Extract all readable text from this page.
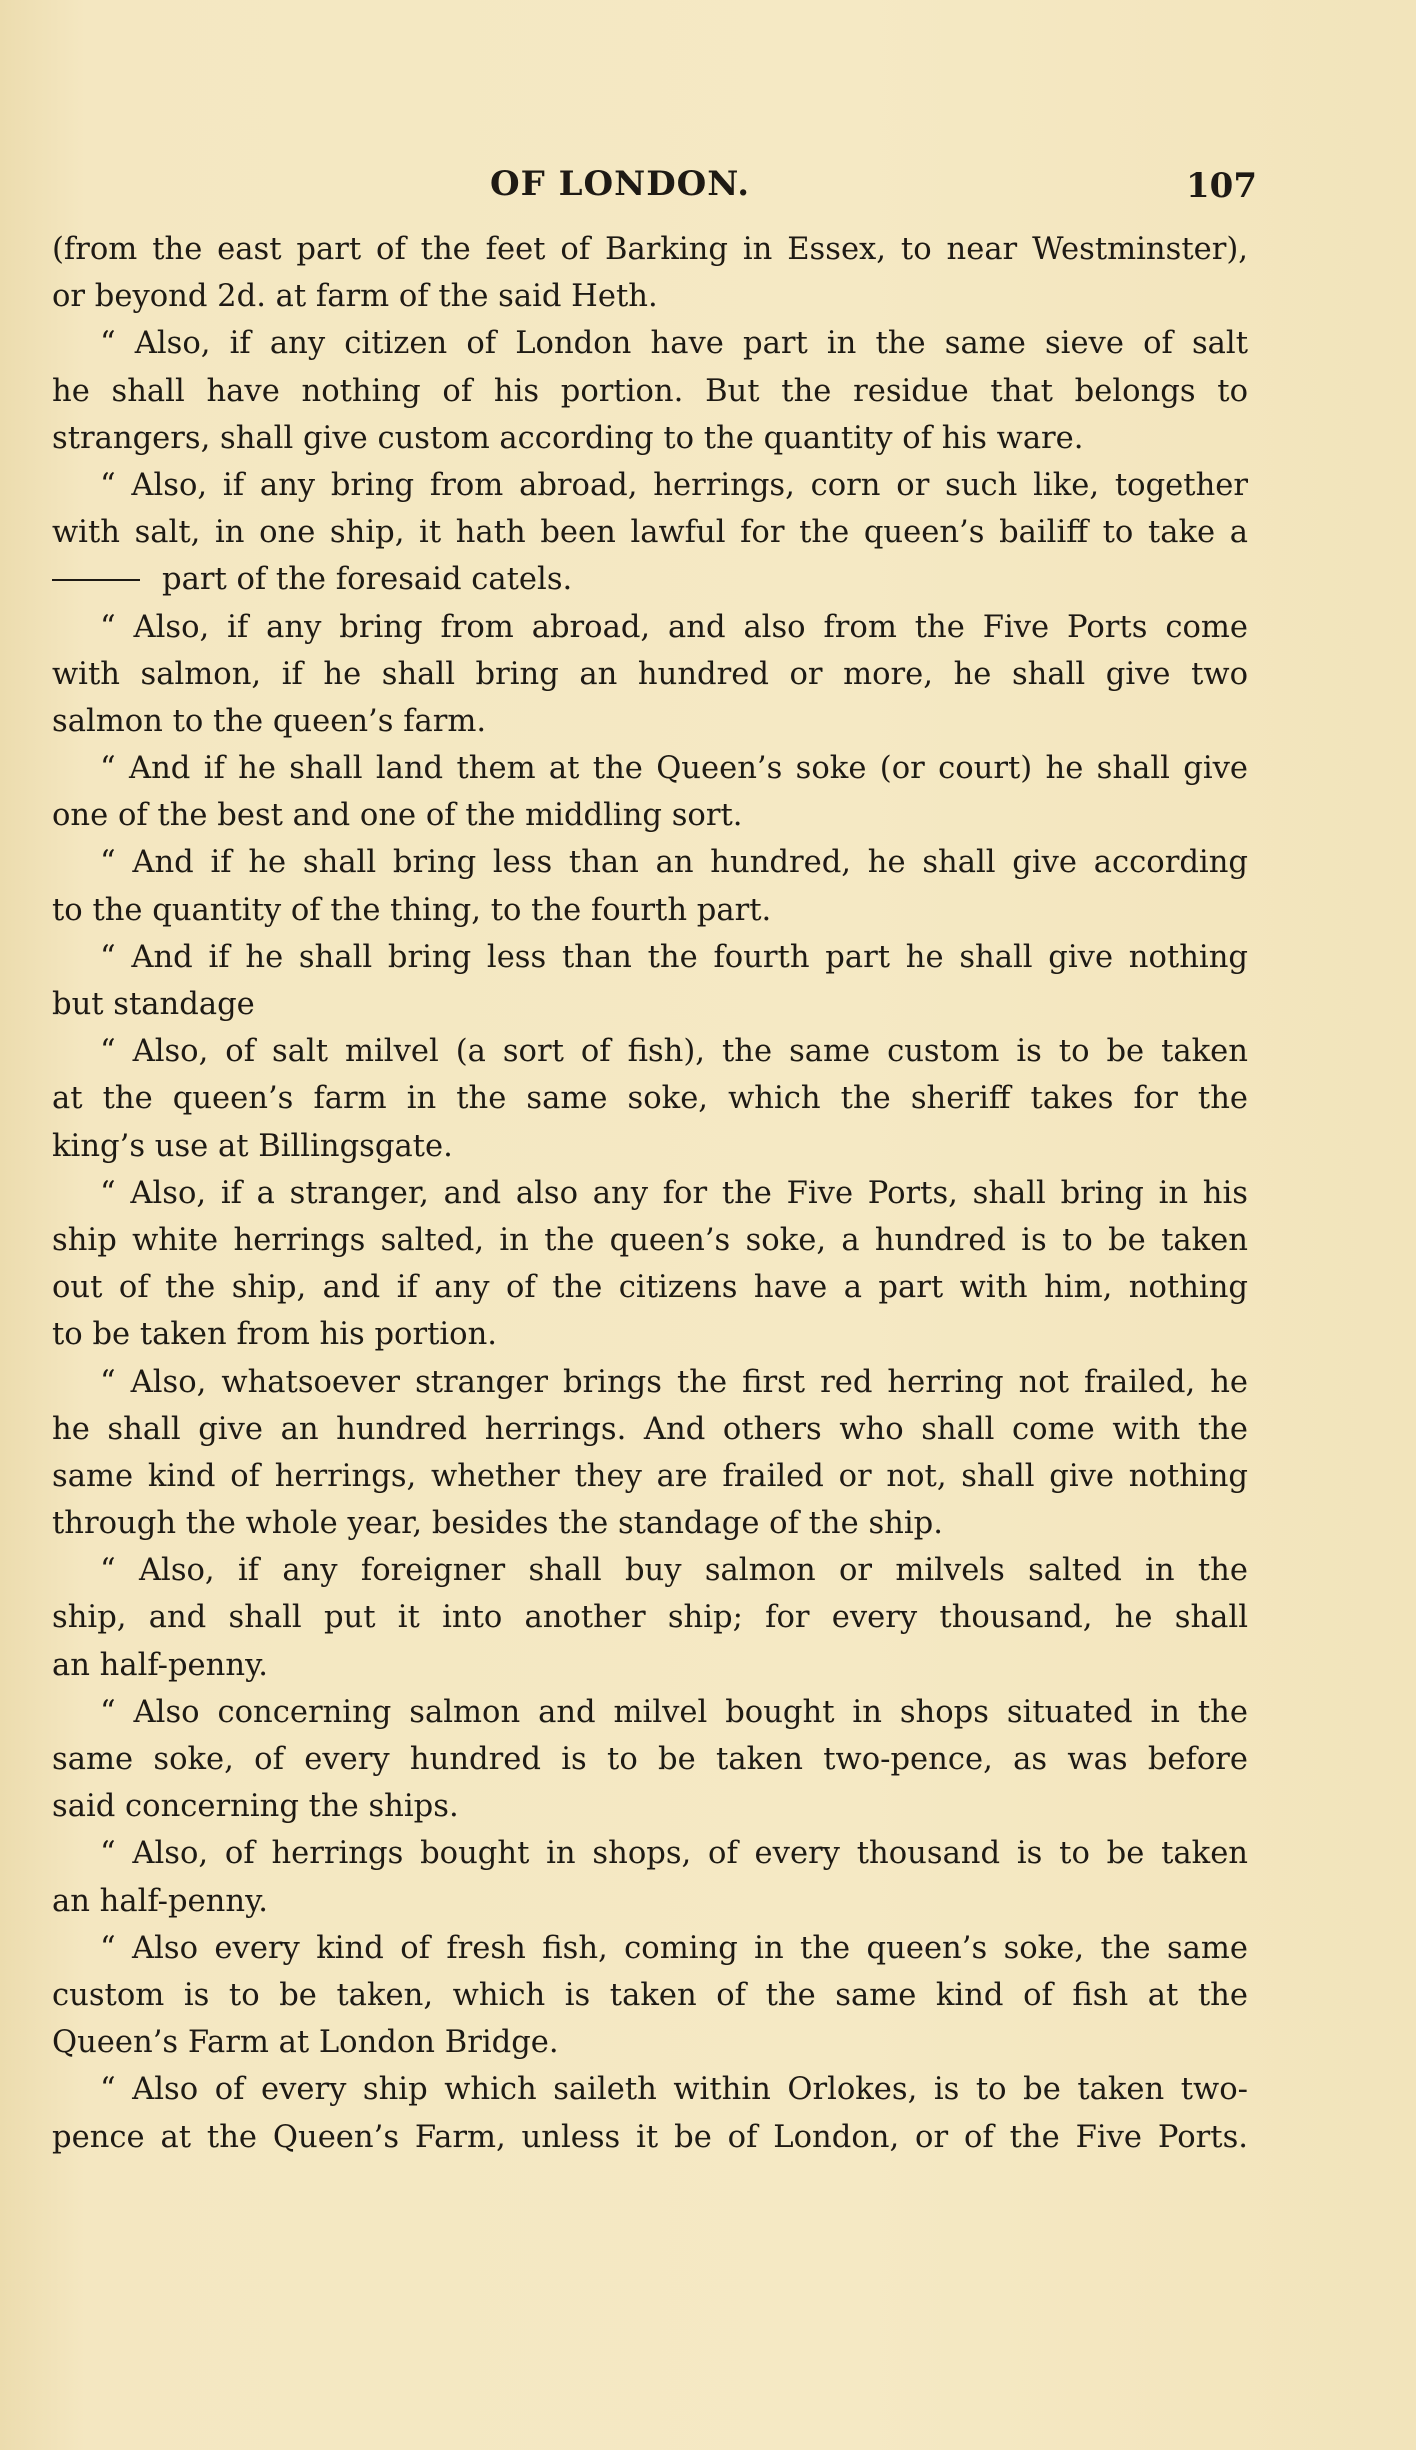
OF LONDON.	107
(from the east part of the feet of Barking in Essex, to near Westminster),
or beyond 2d. at farm of the said Heth.
“ Also, if any citizen of London have part in the same sieve of salt
he shall have nothing of his portion. But the residue that belongs to
strangers, shall give custom according to the quantity of his ware.
“ Also, if any bring from abroad, herrings, corn or such like, together
with salt, in one ship, it hath been lawful for the queen’s bailiff to take a
part of the foresaid catels.
“ Also, if any bring from abroad, and also from the Five Ports come
with salmon, if he shall bring an hundred or more, he shall give two
salmon to the queen’s farm.
“ And if he shall land them at the Queen’s soke (or court) he shall give
one of the best and one of the middling sort.
“ And if he shall bring less than an hundred, he shall give according
to the quantity of the thing, to the fourth part.
“ And if he shall bring less than the fourth part he shall give nothing
but standage
“ Also, of salt milvel (a sort of fish), the same custom is to be taken
at the queen’s farm in the same soke, which the sheriff takes for the
king’s use at Billingsgate.
“ Also, if a stranger, and also any for the Five Ports, shall bring in his
ship white herrings salted, in the queen’s soke, a hundred is to be taken
out of the ship, and if any of the citizens have a part with him, nothing
to be taken from his portion.
“ Also, whatsoever stranger brings the first red herring not frailed, he
he shall give an hundred herrings. And others who shall come with the
same kind of herrings, whether they are frailed or not, shall give nothing
through the whole year, besides the standage of the ship.
“ Also, if any foreigner shall buy salmon or milvels salted in the
ship, and shall put it into another ship; for every thousand, he shall
an half-penny.
“ Also concerning salmon and milvel bought in shops situated in the
same soke, of every hundred is to be taken two-pence, as was before
said concerning the ships.
“ Also, of herrings bought in shops, of every thousand is to be taken
an half-penny.
“ Also every kind of fresh fish, coming in the queen’s soke, the same
custom is to be taken, which is taken of the same kind of fish at the
Queen’s Farm at London Bridge.
“ Also of every ship which saileth within Orlokes, is to be taken two-
pence at the Queen’s Farm, unless it be of London, or of the Five Ports.
